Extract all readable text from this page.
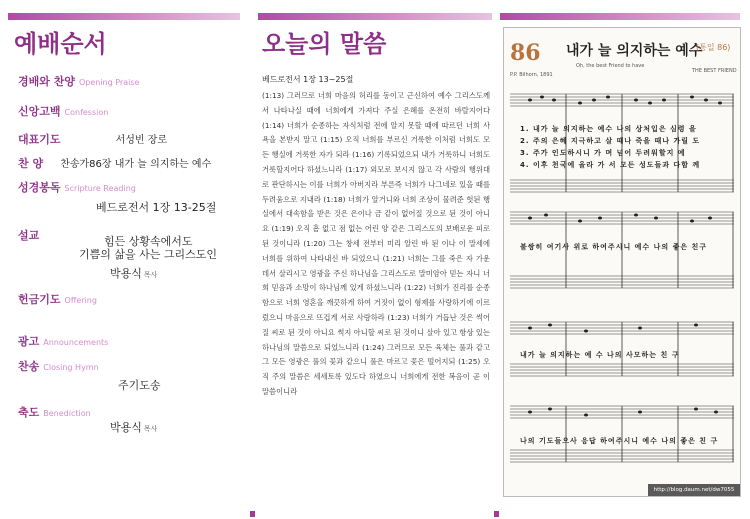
예배순서
경배와 찬양 Opening Praise
신앙고백 Confession
대표기도	서성빈 장로
찬 양 찬송가86장 내가 늘 의지하는 예수
성경봉독 Scripture Reading
베드로전서 1장 13-25절
설교	힘든 상황속에서도
기쁨의 삶을 사는 그리스도인
박용식 목사
헌금기도 Offering
광고 Announcements
찬송 Closing Hymn
주기도송
축도 Benediction
박용식 목사
오늘의 말씀
베드로전서 1장 13~25절

(1:13) 그러므로 너희 마음의 허리를 동이고 근신하여 예수 그리스도께서 나타나실 때에 너희에게 가져다 주실 은혜를 온전히 바랄지어다 (1:14) 너희가 순종하는 자식처럼 전에 알지 못할 때에 따르던 너희 사욕을 본받지 말고 (1:15) 오직 너희를 부르신 거룩한 이처럼 너희도 모든 행실에 거룩한 자가 되라 (1:16) 기록되었으되 내가 거룩하니 너희도 거룩할지어다 하셨느니라 (1:17) 외모로 보시지 않고 각 사람의 행위대로 판단하시는 이를 너희가 아버지라 부른즉 너희가 나그네로 있을 때를 두려움으로 지내라 (1:18) 너희가 알거니와 너희 조상이 물려준 헛된 행실에서 대속함을 받은 것은 은이나 금 같이 없어질 것으로 된 것이 아니요 (1:19) 오직 흠 없고 점 없는 어린 양 같은 그리스도의 보배로운 피로 된 것이니라 (1:20) 그는 창세 전부터 미리 알린 바 된 이나 이 말세에 너희를 위하여 나타내신 바 되었으니 (1:21) 너희는 그를 죽은 자 가운데서 살리시고 영광을 주신 하나님을 그리스도로 말미암아 믿는 자니 너희 믿음과 소망이 하나님께 있게 하셨느니라 (1:22) 너희가 진리를 순종함으로 너희 영혼을 깨끗하게 하여 거짓이 없이 형제를 사랑하기에 이르렀으니 마음으로 뜨겁게 서로 사랑하라 (1:23) 너희가 거듭난 것은 썩어질 씨로 된 것이 아니요 썩지 아니할 씨로 된 것이니 살아 있고 항상 있는 하나님의 말씀으로 되었느니라 (1:24) 그러므로 모든 육체는 풀과 같고 그 모든 영광은 풀의 꽃과 같으니 풀은 마르고 꽃은 떨어지되 (1:25) 오직 주의 말씀은 세세토록 있도다 하였으니 너희에게 전한 복음이 곧 이 말씀이니라

86 내가 늘 의지하는 예수
(통일 86)
Oh, the best Friend to have
P.P. Bilhorn, 1891
THE BEST FRIEND
1. 내가 늘 의지하는 예수 나의 상처입은 심령 을
2. 주의 은혜 지극하고 살 때나 죽을 때나 가릴 도
3. 주가 인도하시니 가 며 넘어 두려워할지 예
4. 이후 천국에 올라 가 서 모든 성도들과 다함 께
불쌍히 여기사 위로 하여주시니 예수 나의 좋은 친구
내가 늘 의지하는 예 수 나의 사모하는 친 구
나의 기도들으사 응답 하여주시니 예수 나의 좋은 친 구
http://blog.daum.net/dw7055
